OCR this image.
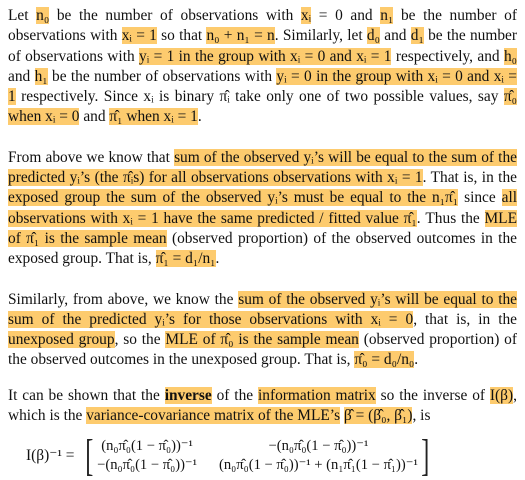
Let n₀ be the number of observations with xᵢ = 0 and n₁ be the number of observations with xᵢ = 1 so that n₀ + n₁ = n. Similarly, let d₀ and d₁ be the number of observations with yᵢ = 1 in the group with xᵢ = 0 and xᵢ = 1 respectively, and h₀ and h₁ be the number of observations with yᵢ = 0 in the group with xᵢ = 0 and xᵢ = 1 respectively. Since xᵢ is binary π̂ᵢ take only one of two possible values, say π̂₀ when xᵢ = 0 and π̂₁ when xᵢ = 1.

From above we know that sum of the observed yᵢ’s will be equal to the sum of the predicted yᵢ’s (the π̂ᵢs) for all observations observations with xᵢ = 1. That is, in the exposed group the sum of the observed yᵢ’s must be equal to the n₁π̂₁ since all observations with xᵢ = 1 have the same predicted / fitted value π̂₁. Thus the MLE of π̂₁ is the sample mean (observed proportion) of the observed outcomes in the exposed group. That is, π̂₁ = d₁/n₁.

Similarly, from above, we know the sum of the observed yᵢ’s will be equal to the sum of the predicted yᵢ’s for those observations with xᵢ = 0, that is, in the unexposed group, so the MLE of π̂₀ is the sample mean (observed proportion) of the observed outcomes in the unexposed group. That is, π̂₀ = d₀/n₀.

It can be shown that the inverse of the information matrix so the inverse of I(β), which is the variance-covariance matrix of the MLE’s β̂ = (β̂₀, β̂₁), is

I(β)⁻¹ = [ (n₀π̂₀(1 − π̂₀))⁻¹	−(n₀π̂₀(1 − π̂₀))⁻¹
−(n₀π̂₀(1 − π̂₀))⁻¹ (n₀π̂₀(1 − π̂₀))⁻¹ + (n₁π̂₁(1 − π̂₁))⁻¹ ]
